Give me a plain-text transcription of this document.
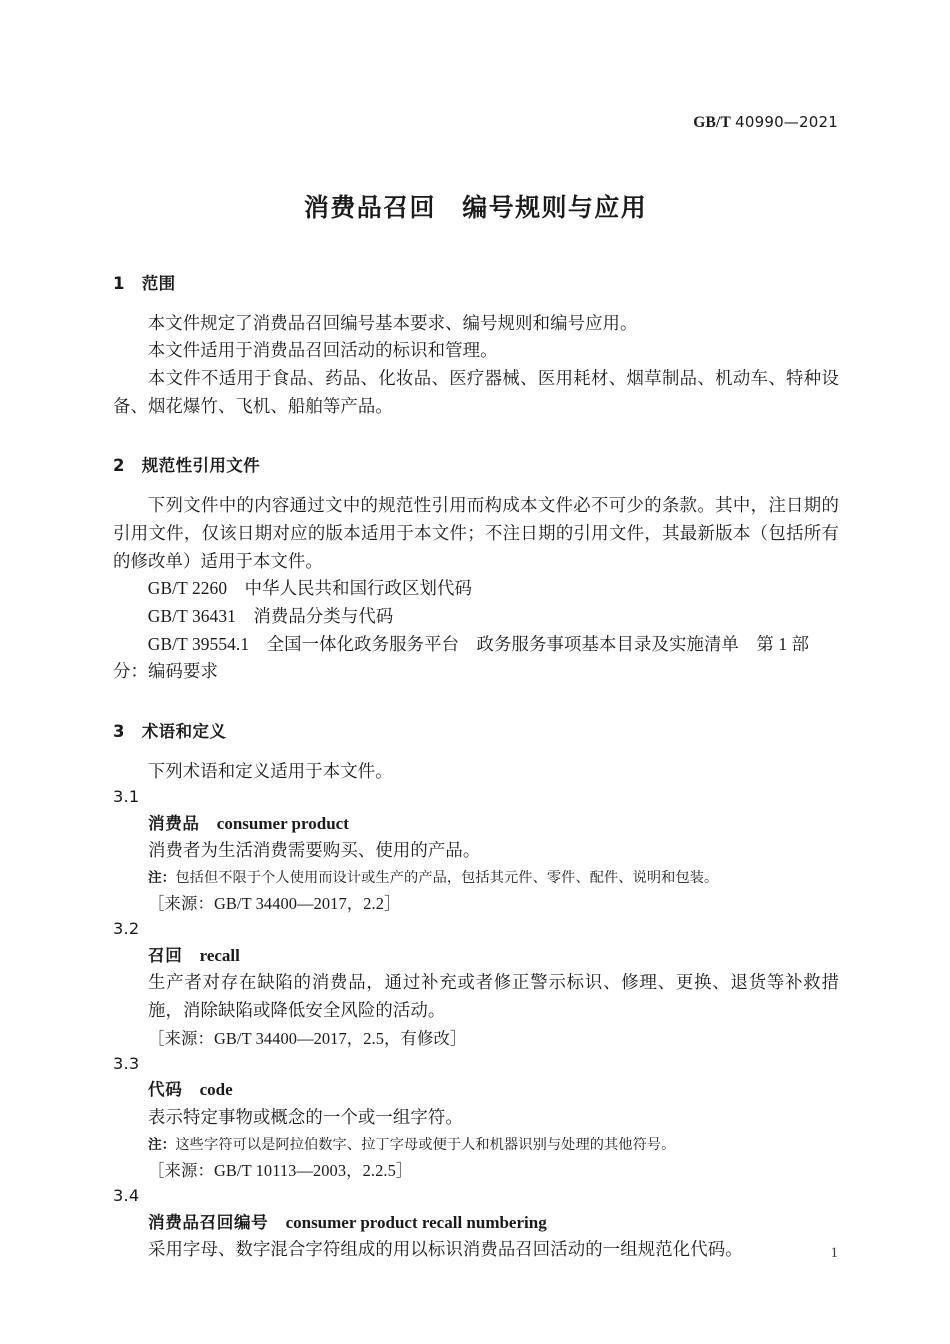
GB/T 40990—2021
消费品召回　编号规则与应用

1　范围

本文件规定了消费品召回编号基本要求、编号规则和编号应用。

本文件适用于消费品召回活动的标识和管理。

本文件不适用于食品、药品、化妆品、医疗器械、医用耗材、烟草制品、机动车、特种设备、烟花爆竹、飞机、船舶等产品。

2　规范性引用文件

下列文件中的内容通过文中的规范性引用而构成本文件必不可少的条款。其中，注日期的引用文件，仅该日期对应的版本适用于本文件；不注日期的引用文件，其最新版本（包括所有的修改单）适用于本文件。

GB/T 2260　 中华人民共和国行政区划代码

GB/T 36431　 消费品分类与代码

GB/T 39554.1　 全国一体化政务服务平台　政务服务事项基本目录及实施清单　第 1 部分：编码要求

3　术语和定义

下列术语和定义适用于本文件。

3.1

消费品　 consumer product

消费者为生活消费需要购买、使用的产品。

注：包括但不限于个人使用而设计或生产的产品，包括其元件、零件、配件、说明和包装。

［来源：GB/T 34400—2017，2.2］

3.2

召回　 recall

生产者对存在缺陷的消费品，通过补充或者修正警示标识、修理、更换、退货等补救措施，消除缺陷或降低安全风险的活动。

［来源：GB/T 34400—2017，2.5，有修改］

3.3

代码　 code

表示特定事物或概念的一个或一组字符。

注：这些字符可以是阿拉伯数字、拉丁字母或便于人和机器识别与处理的其他符号。

［来源：GB/T 10113—2003，2.2.5］

3.4

消费品召回编号　 consumer product recall numbering

采用字母、数字混合字符组成的用以标识消费品召回活动的一组规范化代码。	1
